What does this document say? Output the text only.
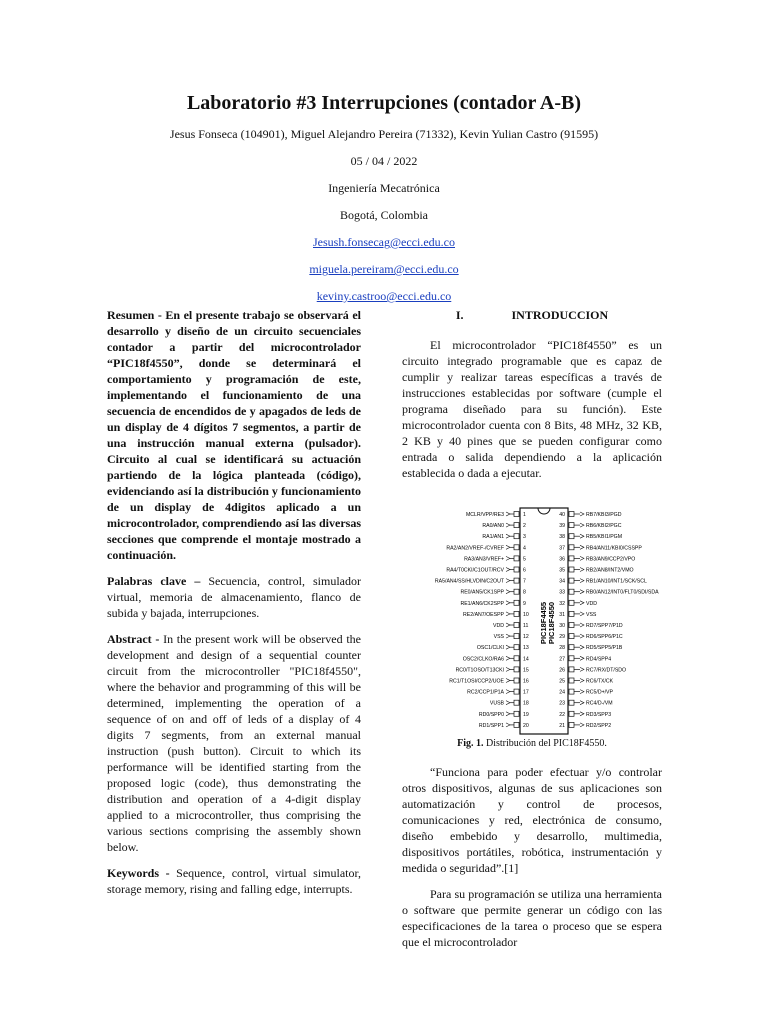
Laboratorio #3 Interrupciones (contador A-B)
Jesus Fonseca (104901), Miguel Alejandro Pereira (71332), Kevin Yulian Castro (91595)
05 / 04 / 2022
Ingeniería Mecatrónica
Bogotá, Colombia
Jesush.fonsecag@ecci.edu.co
miguela.pereiram@ecci.edu.co
keviny.castroo@ecci.edu.co

Resumen - En el presente trabajo se observará el desarrollo y diseño de un circuito secuenciales contador a partir del microcontrolador “PIC18f4550”, donde se determinará el comportamiento y programación de este, implementando el funcionamiento de una secuencia de encendidos de y apagados de leds de un display de 4 dígitos 7 segmentos, a partir de una instrucción manual externa (pulsador). Circuito al cual se identificará su actuación partiendo de la lógica planteada (código), evidenciando así la distribución y funcionamiento de un display de 4digitos aplicado a un microcontrolador, comprendiendo así las diversas secciones que comprende el montaje mostrado a continuación.

Palabras clave – Secuencia, control, simulador virtual, memoria de almacenamiento, flanco de subida y bajada, interrupciones.

Abstract - In the present work will be observed the development and design of a sequential counter circuit from the microcontroller "PIC18f4550", where the behavior and programming of this will be determined, implementing the operation of a sequence of on and off of leds of a display of 4 digits 7 segments, from an external manual instruction (push button). Circuit to which its performance will be identified starting from the proposed logic (code), thus demonstrating the distribution and operation of a 4-digit display applied to a microcontroller, thus comprising the various sections comprising the assembly shown below.

Keywords - Sequence, control, virtual simulator, storage memory, rising and falling edge, interrupts.

I.	INTRODUCCION

El microcontrolador “PIC18f4550” es un circuito integrado programable que es capaz de cumplir y realizar tareas específicas a través de instrucciones establecidas por software (cumple el programa diseñado para su función). Este microcontrolador cuenta con 8 Bits, 48 MHz, 32 KB, 2 KB y 40 pines que se pueden configurar como entrada o salida dependiendo a la aplicación establecida o dada a ejecutar.

PIC18F4455 PIC18F4550
MCLR/VPP/RE3	1
RA0/AN0	2
RA1/AN1	3
RA2/AN2/VREF-/CVREF	4
RA3/AN3/VREF+	5
RA4/T0CKI/C1OUT/RCV	6
RA5/AN4/SS/HLVDIN/C2OUT	7
RE0/AN5/CK1SPP	8
RE1/AN6/CK2SPP	9
RE2/AN7/OESPP	10
VDD	11
VSS	12
OSC1/CLKI	13
OSC2/CLKO/RA6	14
RC0/T1OSO/T13CKI	15
RC1/T1OSI/CCP2/UOE	16
RC2/CCP1/P1A	17
VUSB	18
RD0/SPP0	19
RD1/SPP1	20
RB7/KBI3/PGD
40
RB6/KBI2/PGC
39
RB5/KBI1/PGM
38
RB4/AN11/KBI0/CSSPP
37
RB3/AN9/CCP2/VPO
36
RB2/AN8/INT2/VMO
35
RB1/AN10/INT1/SCK/SCL
34
RB0/AN12/INT0/FLT0/SDI/SDA
33
VDD
32
VSS
31
RD7/SPP7/P1D
30
RD6/SPP6/P1C
29
RD5/SPP5/P1B
28
RD4/SPP4
27
RC7/RX/DT/SDO
26
RC6/TX/CK
25
RC5/D+/VP
24
RC4/D-/VM
23
RD3/SPP3
22
RD2/SPP2
21
Fig. 1. Distribución del PIC18F4550.

“Funciona para poder efectuar y/o controlar otros dispositivos, algunas de sus aplicaciones son automatización y control de procesos, comunicaciones y red, electrónica de consumo, diseño embebido y desarrollo, multimedia, dispositivos portátiles, robótica, instrumentación y medida o seguridad”.[1]

Para su programación se utiliza una herramienta o software que permite generar un código con las especificaciones de la tarea o proceso que se espera que el microcontrolador
